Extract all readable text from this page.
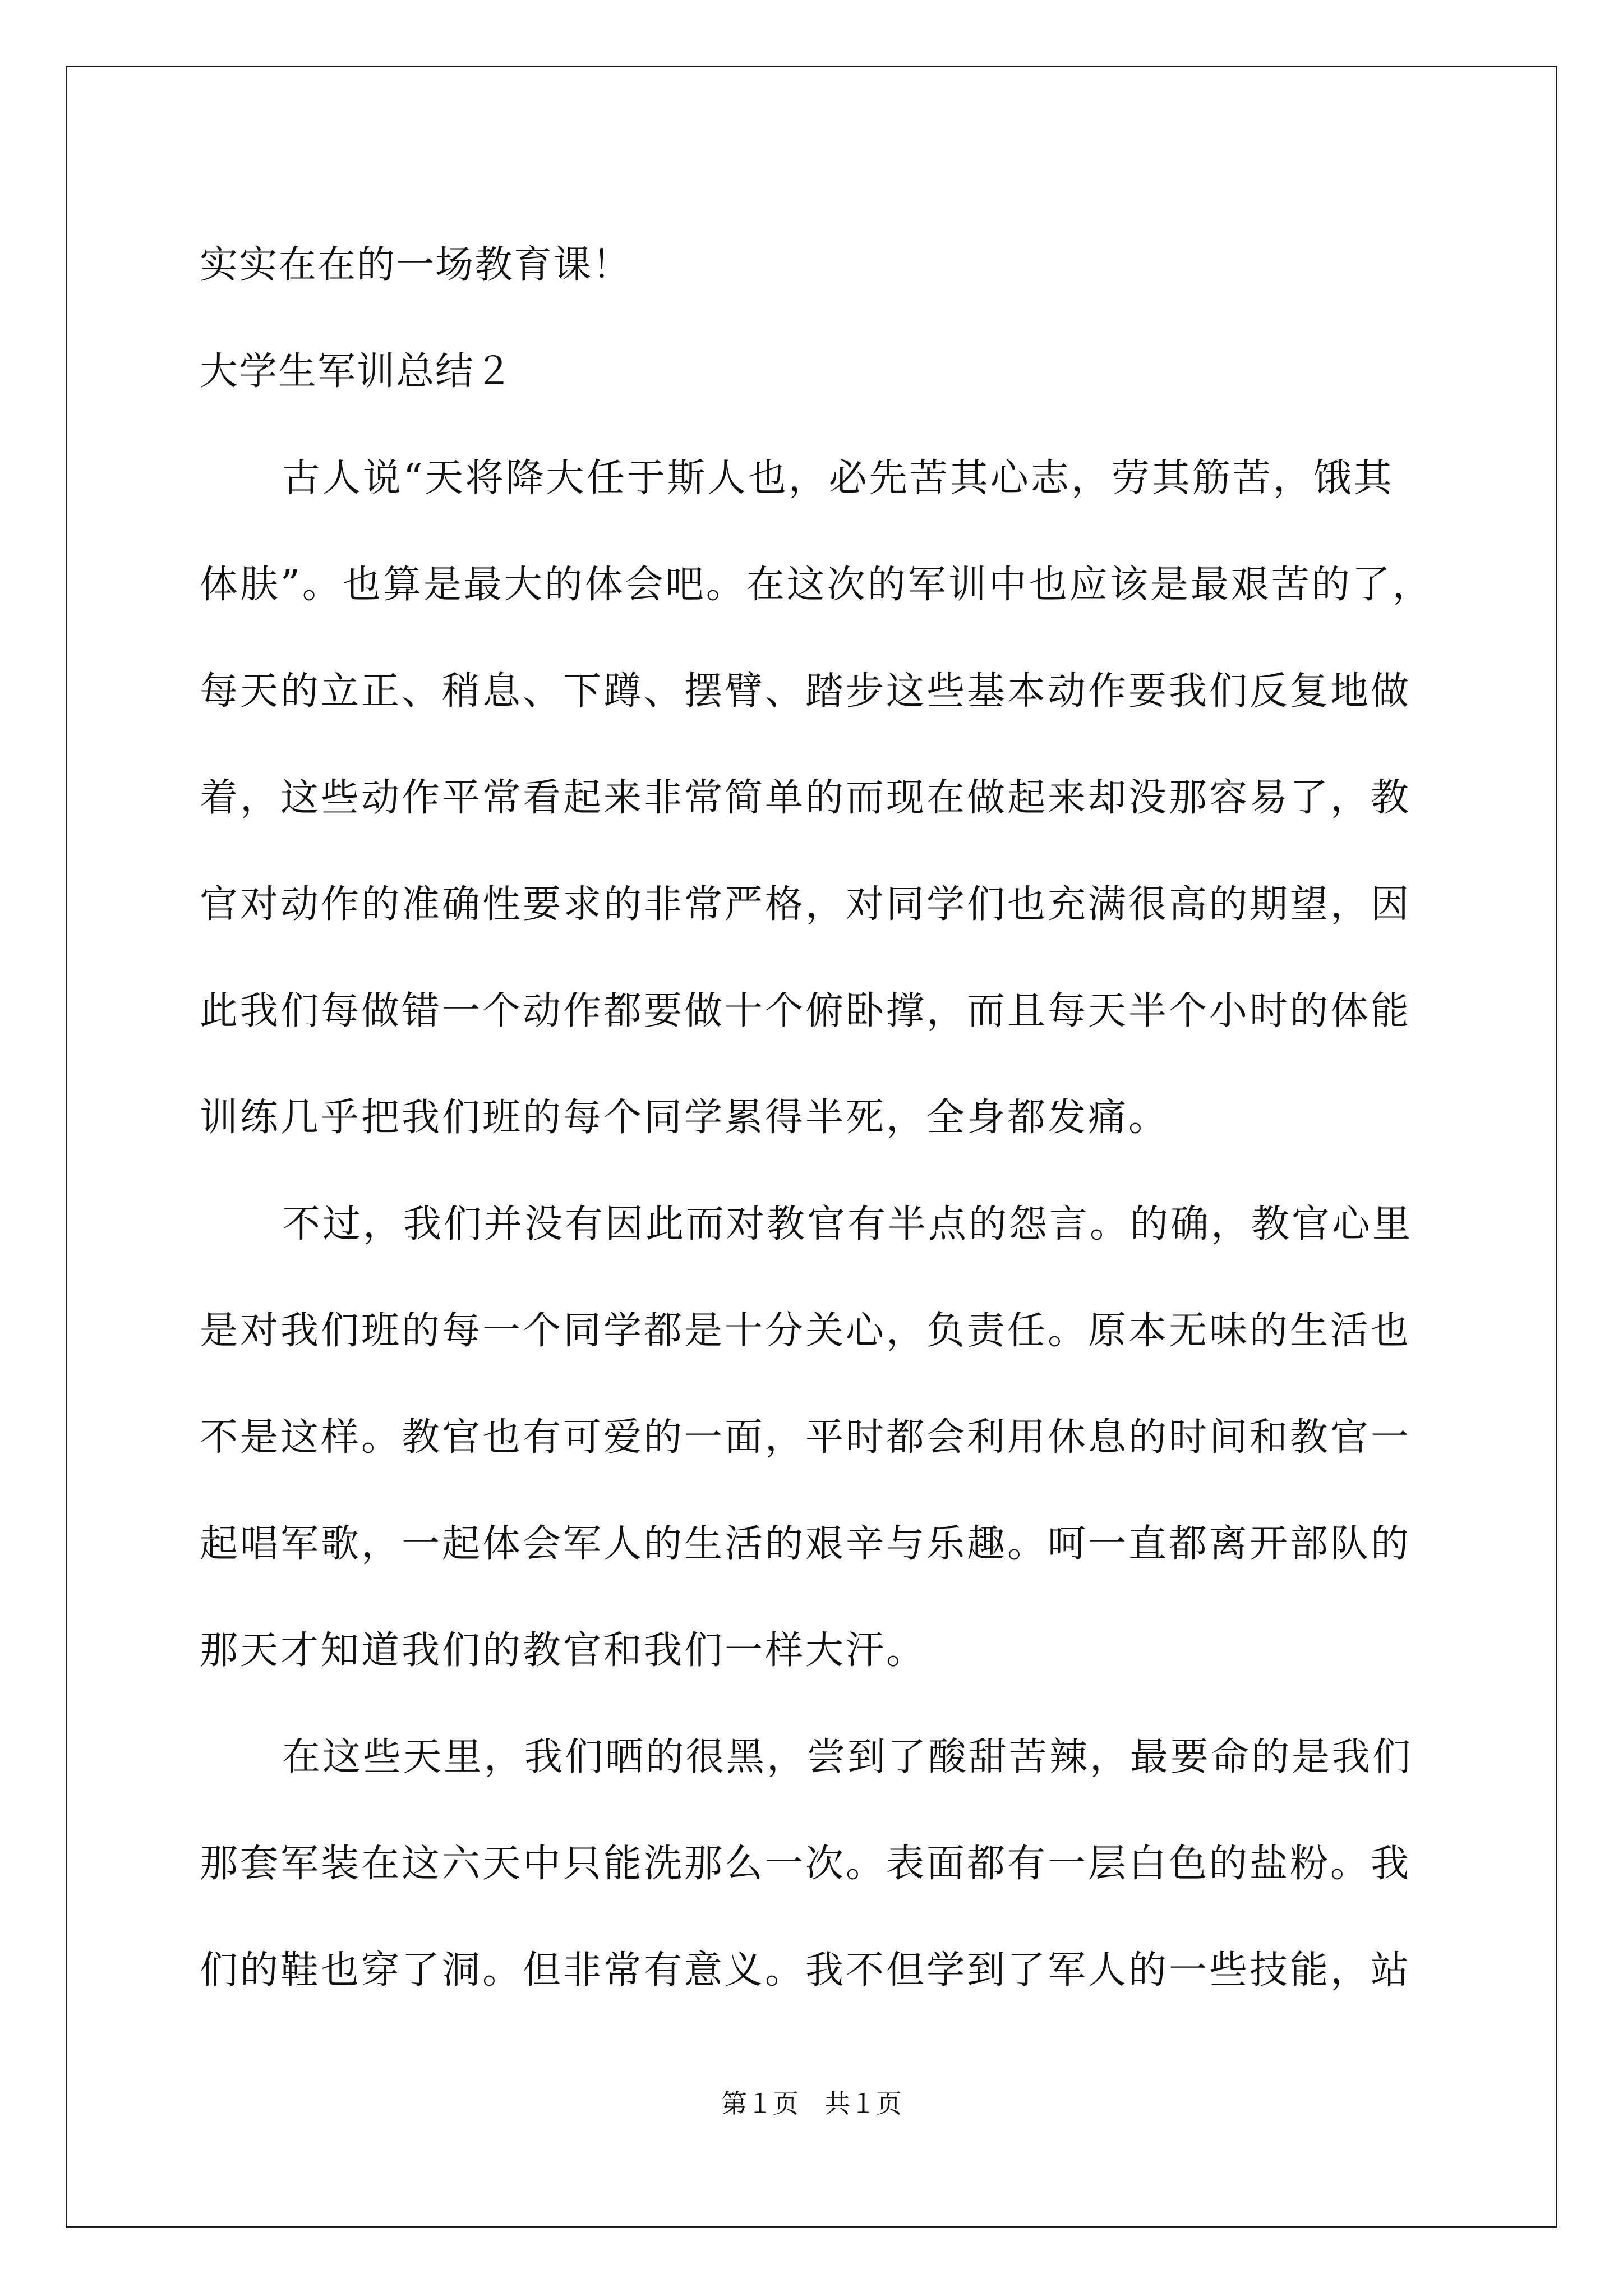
实实在在的一场教育课！
大学生军训总结２
古人说“天将降大任于斯人也，必先苦其心志，劳其筋苦，饿其
体肤”。也算是最大的体会吧。在这次的军训中也应该是最艰苦的了，
每天的立正、稍息、下蹲、摆臂、踏步这些基本动作要我们反复地做
着，这些动作平常看起来非常简单的而现在做起来却没那容易了，教
官对动作的准确性要求的非常严格，对同学们也充满很高的期望，因
此我们每做错一个动作都要做十个俯卧撑，而且每天半个小时的体能
训练几乎把我们班的每个同学累得半死，全身都发痛。
不过，我们并没有因此而对教官有半点的怨言。的确，教官心里
是对我们班的每一个同学都是十分关心，负责任。原本无味的生活也
不是这样。教官也有可爱的一面，平时都会利用休息的时间和教官一
起唱军歌，一起体会军人的生活的艰辛与乐趣。呵一直都离开部队的
那天才知道我们的教官和我们一样大汗。
在这些天里，我们晒的很黑，尝到了酸甜苦辣，最要命的是我们
那套军装在这六天中只能洗那么一次。表面都有一层白色的盐粉。我
们的鞋也穿了洞。但非常有意义。我不但学到了军人的一些技能，站
第１页　共１页
